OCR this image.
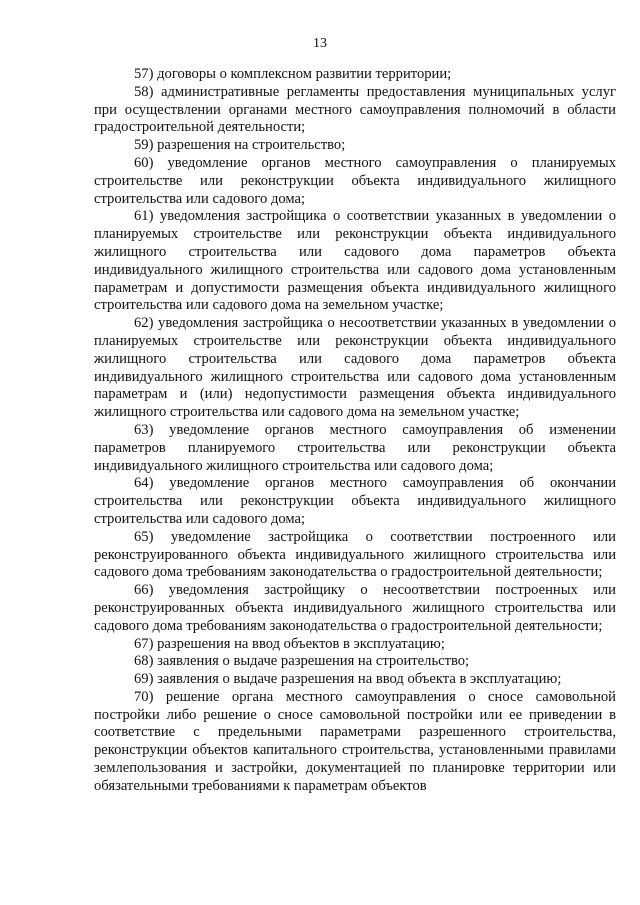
13

57) договоры о комплексном развитии территории;

58) административные регламенты предоставления муниципальных услуг при осуществлении органами местного самоуправления полномочий в области градостроительной деятельности;

59) разрешения на строительство;

60) уведомление органов местного самоуправления о планируемых строительстве или реконструкции объекта индивидуального жилищного строительства или садового дома;

61) уведомления застройщика о соответствии указанных в уведомлении о планируемых строительстве или реконструкции объекта индивидуального жилищного строительства или садового дома параметров объекта индивидуального жилищного строительства или садового дома установленным параметрам и допустимости размещения объекта индивидуального жилищного строительства или садового дома на земельном участке;

62) уведомления застройщика о несоответствии указанных в уведомлении о планируемых строительстве или реконструкции объекта индивидуального жилищного строительства или садового дома параметров объекта индивидуального жилищного строительства или садового дома установленным параметрам и (или) недопустимости размещения объекта индивидуального жилищного строительства или садового дома на земельном участке;

63) уведомление органов местного самоуправления об изменении параметров планируемого строительства или реконструкции объекта индивидуального жилищного строительства или садового дома;

64) уведомление органов местного самоуправления об окончании строительства или реконструкции объекта индивидуального жилищного строительства или садового дома;

65) уведомление застройщика о соответствии построенного или реконструированного объекта индивидуального жилищного строительства или садового дома требованиям законодательства о градостроительной деятельности;

66) уведомления застройщику о несоответствии построенных или реконструированных объекта индивидуального жилищного строительства или садового дома требованиям законодательства о градостроительной деятельности;

67) разрешения на ввод объектов в эксплуатацию;

68) заявления о выдаче разрешения на строительство;

69) заявления о выдаче разрешения на ввод объекта в эксплуатацию;

70) решение органа местного самоуправления о сносе самовольной постройки либо решение о сносе самовольной постройки или ее приведении в соответствие с предельными параметрами разрешенного строительства, реконструкции объектов капитального строительства, установленными правилами землепользования и застройки, документацией по планировке территории или обязательными требованиями к параметрам объектов
